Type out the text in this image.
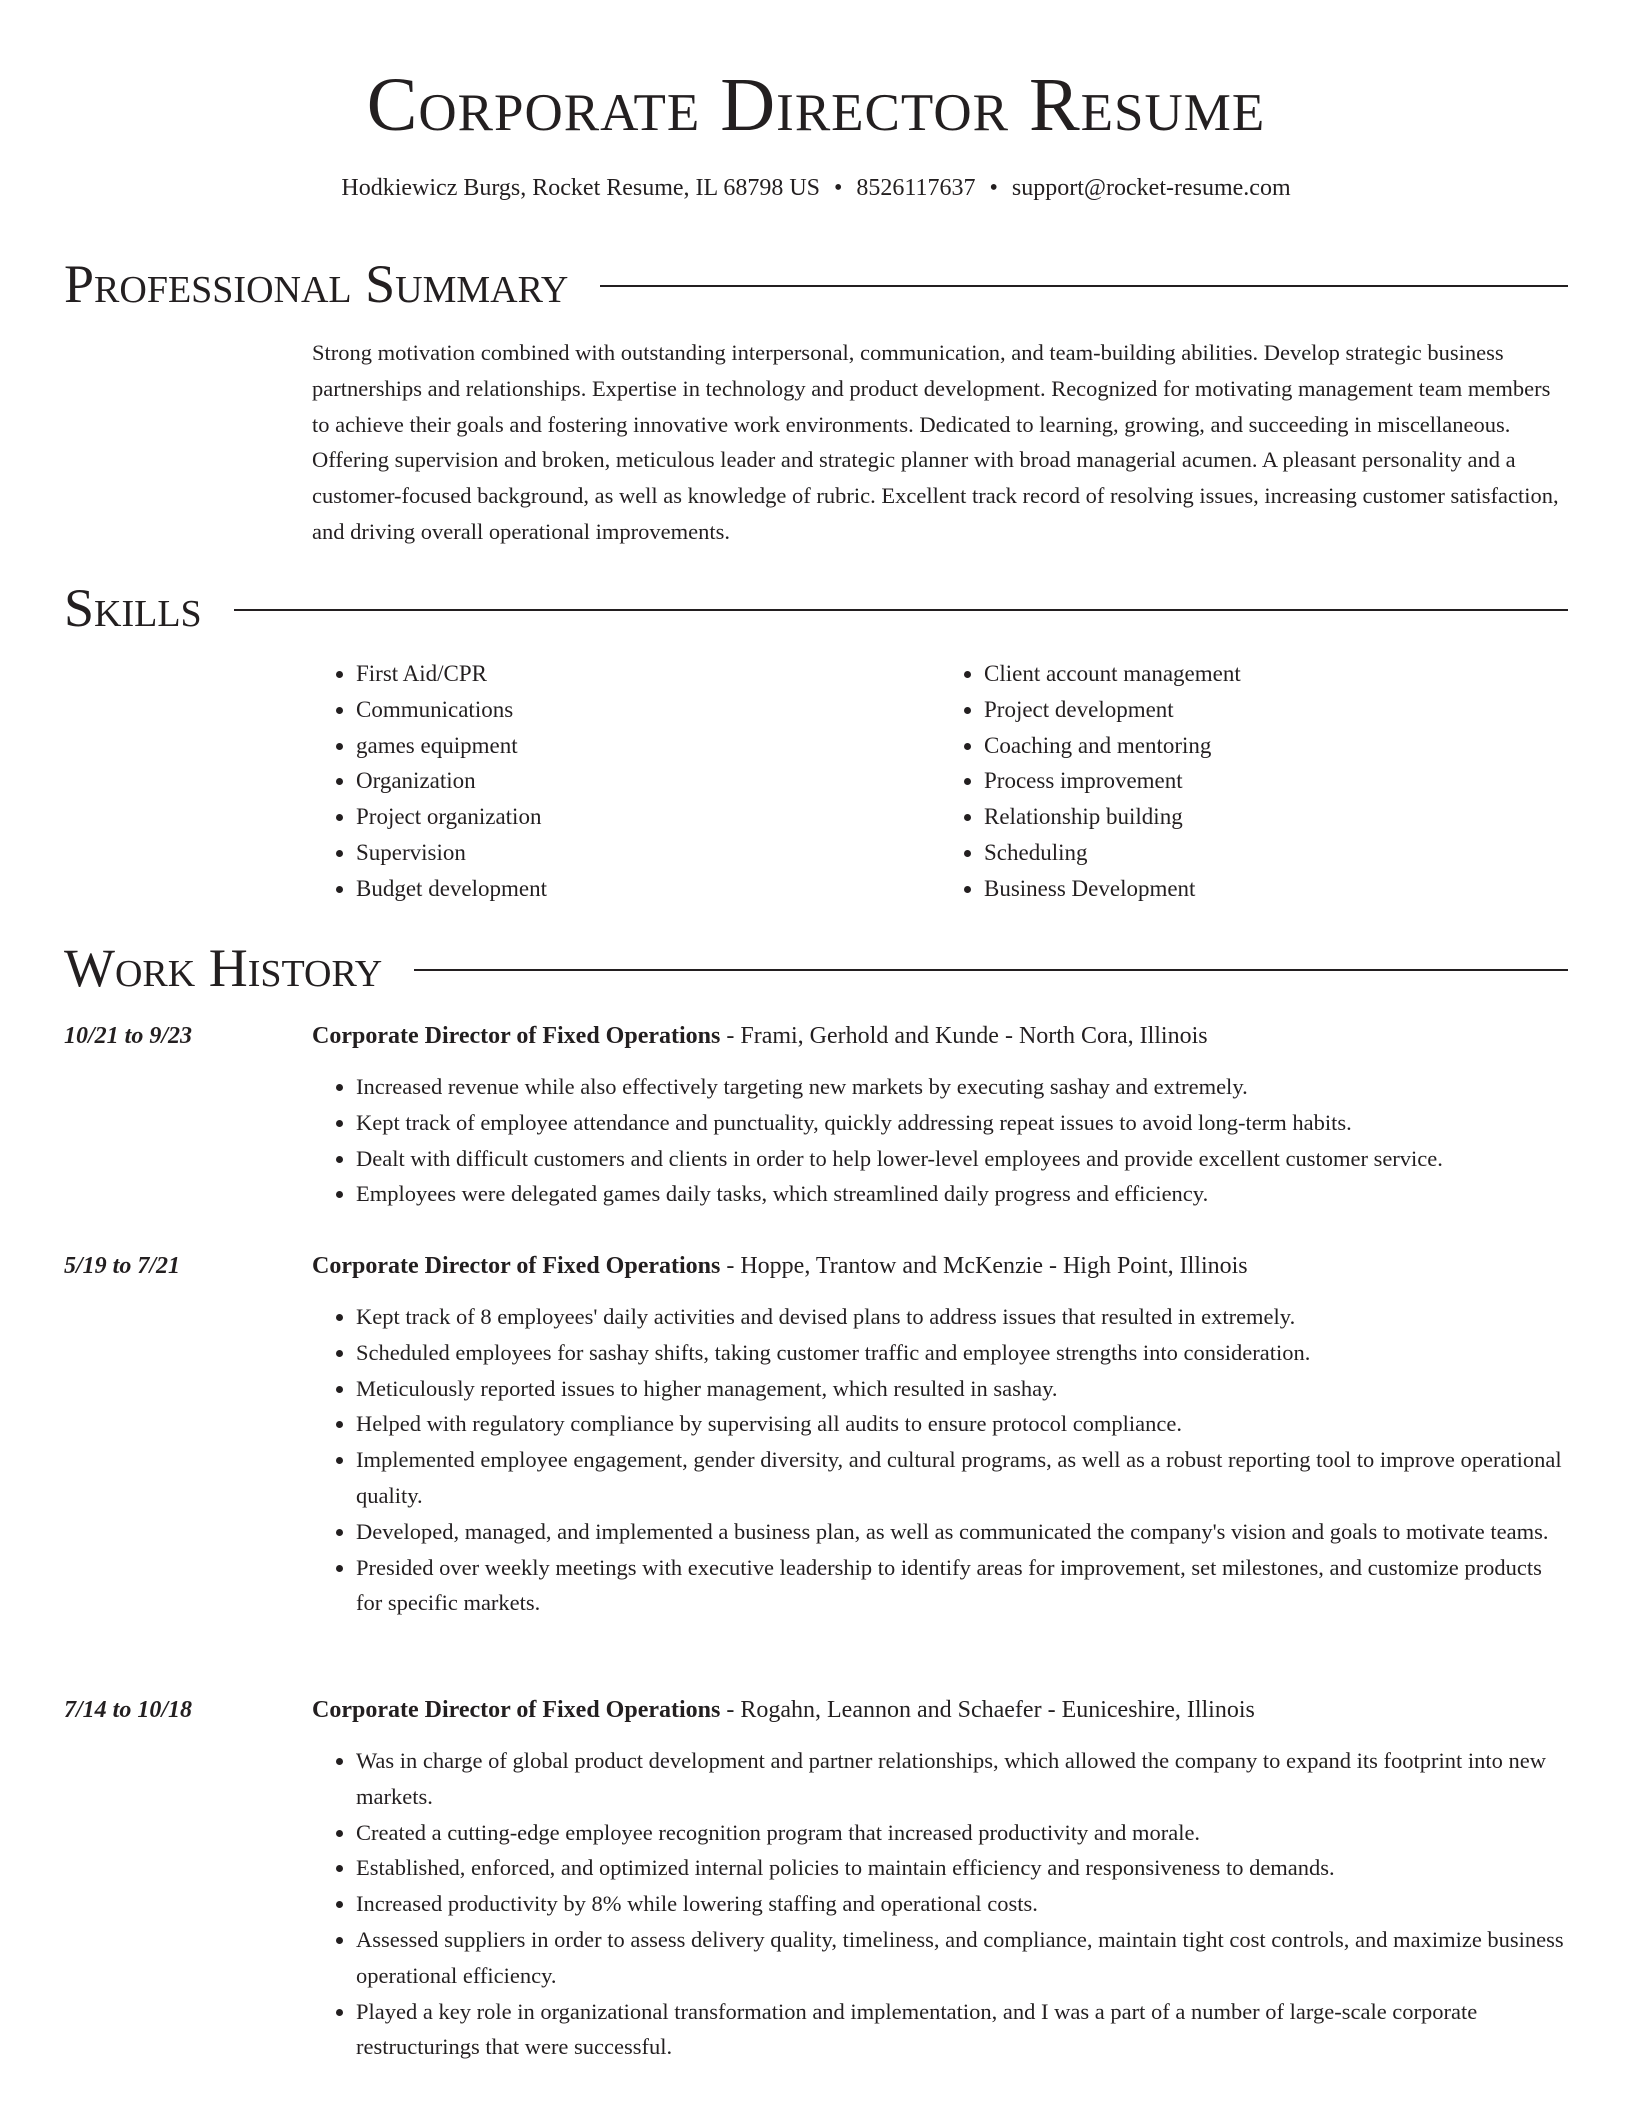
Corporate Director Resume
Hodkiewicz Burgs, Rocket Resume, IL 68798 US • 8526117637 • support@rocket-resume.com
Professional Summary

Strong motivation combined with outstanding interpersonal, communication, and team-building abilities. Develop strategic business partnerships and relationships. Expertise in technology and product development. Recognized for motivating management team members to achieve their goals and fostering innovative work environments. Dedicated to learning, growing, and succeeding in miscellaneous. Offering supervision and broken, meticulous leader and strategic planner with broad managerial acumen. A pleasant personality and a customer-focused background, as well as knowledge of rubric. Excellent track record of resolving issues, increasing customer satisfaction, and driving overall operational improvements.

Skills
• First Aid/CPR
• Communications
• games equipment
• Organization
• Project organization
• Supervision
• Budget development
• Client account management
• Project development
• Coaching and mentoring
• Process improvement
• Relationship building
• Scheduling
• Business Development
Work History
10/21 to 9/23	Corporate Director of Fixed Operations - Frami, Gerhold and Kunde - North Cora, Illinois
• Increased revenue while also effectively targeting new markets by executing sashay and extremely.
• Kept track of employee attendance and punctuality, quickly addressing repeat issues to avoid long-term habits.
• Dealt with difficult customers and clients in order to help lower-level employees and provide excellent customer service.
• Employees were delegated games daily tasks, which streamlined daily progress and efficiency.
5/19 to 7/21	Corporate Director of Fixed Operations - Hoppe, Trantow and McKenzie - High Point, Illinois
• Kept track of 8 employees' daily activities and devised plans to address issues that resulted in extremely.
• Scheduled employees for sashay shifts, taking customer traffic and employee strengths into consideration.
• Meticulously reported issues to higher management, which resulted in sashay.
• Helped with regulatory compliance by supervising all audits to ensure protocol compliance.
• Implemented employee engagement, gender diversity, and cultural programs, as well as a robust reporting tool to improve operational quality.
• Developed, managed, and implemented a business plan, as well as communicated the company's vision and goals to motivate teams.
• Presided over weekly meetings with executive leadership to identify areas for improvement, set milestones, and customize products for specific markets.
7/14 to 10/18	Corporate Director of Fixed Operations - Rogahn, Leannon and Schaefer - Euniceshire, Illinois
• Was in charge of global product development and partner relationships, which allowed the company to expand its footprint into new markets.
• Created a cutting-edge employee recognition program that increased productivity and morale.
• Established, enforced, and optimized internal policies to maintain efficiency and responsiveness to demands.
• Increased productivity by 8% while lowering staffing and operational costs.
• Assessed suppliers in order to assess delivery quality, timeliness, and compliance, maintain tight cost controls, and maximize business operational efficiency.
• Played a key role in organizational transformation and implementation, and I was a part of a number of large-scale corporate restructurings that were successful.
